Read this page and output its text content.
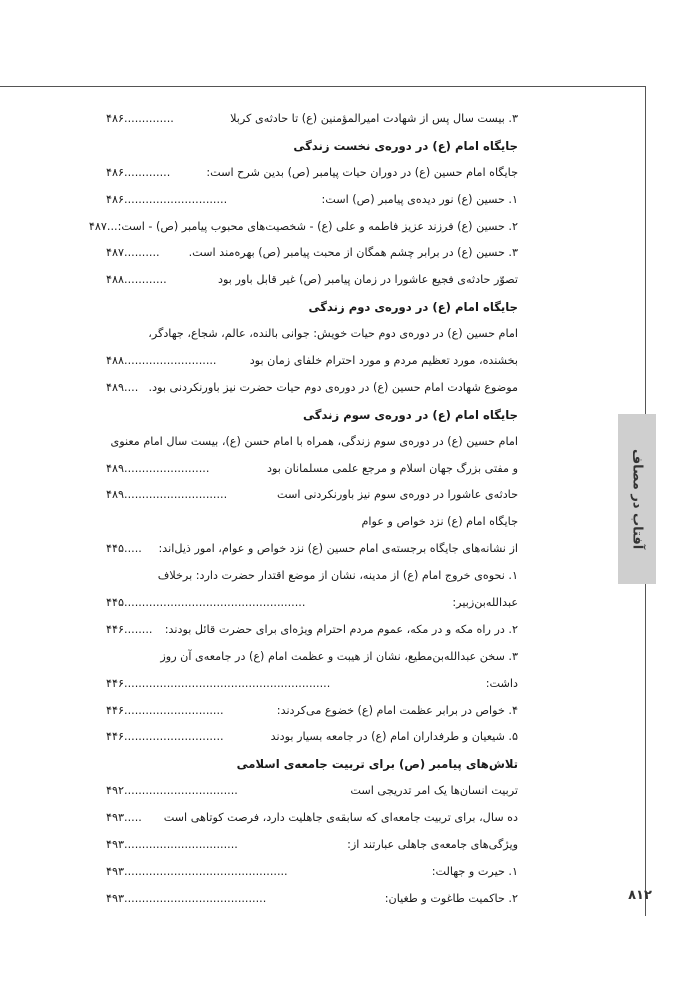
آفتاب در مصاف
۸۱۲
۳. بیست سال پس از شهادت امیرالمؤمنین (ع) تا حادثه‌ی کربلا
۴۸۶..............
جایگاه امام (ع) در دوره‌ی نخست زندگی
جایگاه امام حسین (ع) در دوران حیات پیامبر (ص) بدین شرح است:
۴۸۶.............
۱. حسین (ع) نور دیده‌ی پیامبر (ص) است:
۴۸۶.............................
۲. حسین (ع) فرزند عزیز فاطمه و علی (ع) - شخصیت‌های محبوب پیامبر (ص) - است:
۴۸۷...
۳. حسین (ع) در برابر چشم همگان از محبت پیامبر (ص) بهره‌مند است.
۴۸۷..........
تصوّر حادثه‌ی فجیع عاشورا در زمان پیامبر (ص) غیر قابل باور بود
۴۸۸............
جایگاه امام (ع) در دوره‌ی دوم زندگی
امام حسین (ع) در دوره‌ی دوم حیات خویش: جوانی بالنده، عالم، شجاع، جهادگر،
بخشنده، مورد تعظیم مردم و مورد احترام خلفای زمان بود
۴۸۸..........................
موضوع شهادت امام حسین (ع) در دوره‌ی دوم حیات حضرت نیز باورنکردنی بود.
۴۸۹....
جایگاه امام (ع) در دوره‌ی سوم زندگی
امام حسین (ع) در دوره‌ی سوم زندگی، همراه با امام حسن (ع)، بیست سال امام معنوی
و مفتی بزرگ جهان اسلام و مرجع علمی مسلمانان بود
۴۸۹........................
حادثه‌ی عاشورا در دوره‌ی سوم نیز باورنکردنی است
۴۸۹.............................
جایگاه امام (ع) نزد خواص و عوام
از نشانه‌های جایگاه برجسته‌ی امام حسین (ع) نزد خواص و عوام، امور ذیل‌اند:
۴۴۵.....
۱. نحوه‌ی خروج امام (ع) از مدینه، نشان از موضع اقتدار حضرت دارد: برخلاف
عبدالله‌بن‌زبیر:
۴۴۵...................................................
۲. در راه مکه و در مکه، عموم مردم احترام ویژه‌ای برای حضرت قائل بودند:
۴۴۶........
۳. سخن عبدالله‌بن‌مطیع، نشان از هیبت و عظمت امام (ع) در جامعه‌ی آن روز
داشت:
۴۴۶..........................................................
۴. خواص در برابر عظمت امام (ع) خضوع می‌کردند:
۴۴۶............................
۵. شیعیان و طرفداران امام (ع) در جامعه بسیار بودند
۴۴۶............................
تلاش‌های پیامبر (ص) برای تربیت جامعه‌ی اسلامی
تربیت انسان‌ها یک امر تدریجی است
۴۹۲................................
ده سال، برای تربیت جامعه‌ای که سابقه‌ی جاهلیت دارد، فرصت کوتاهی است
۴۹۳.....
ویژگی‌های جامعه‌ی جاهلی عبارتند از:
۴۹۳................................
۱. حیرت و جهالت:
۴۹۳..............................................
۲. حاکمیت طاغوت و طغیان:
۴۹۳........................................
